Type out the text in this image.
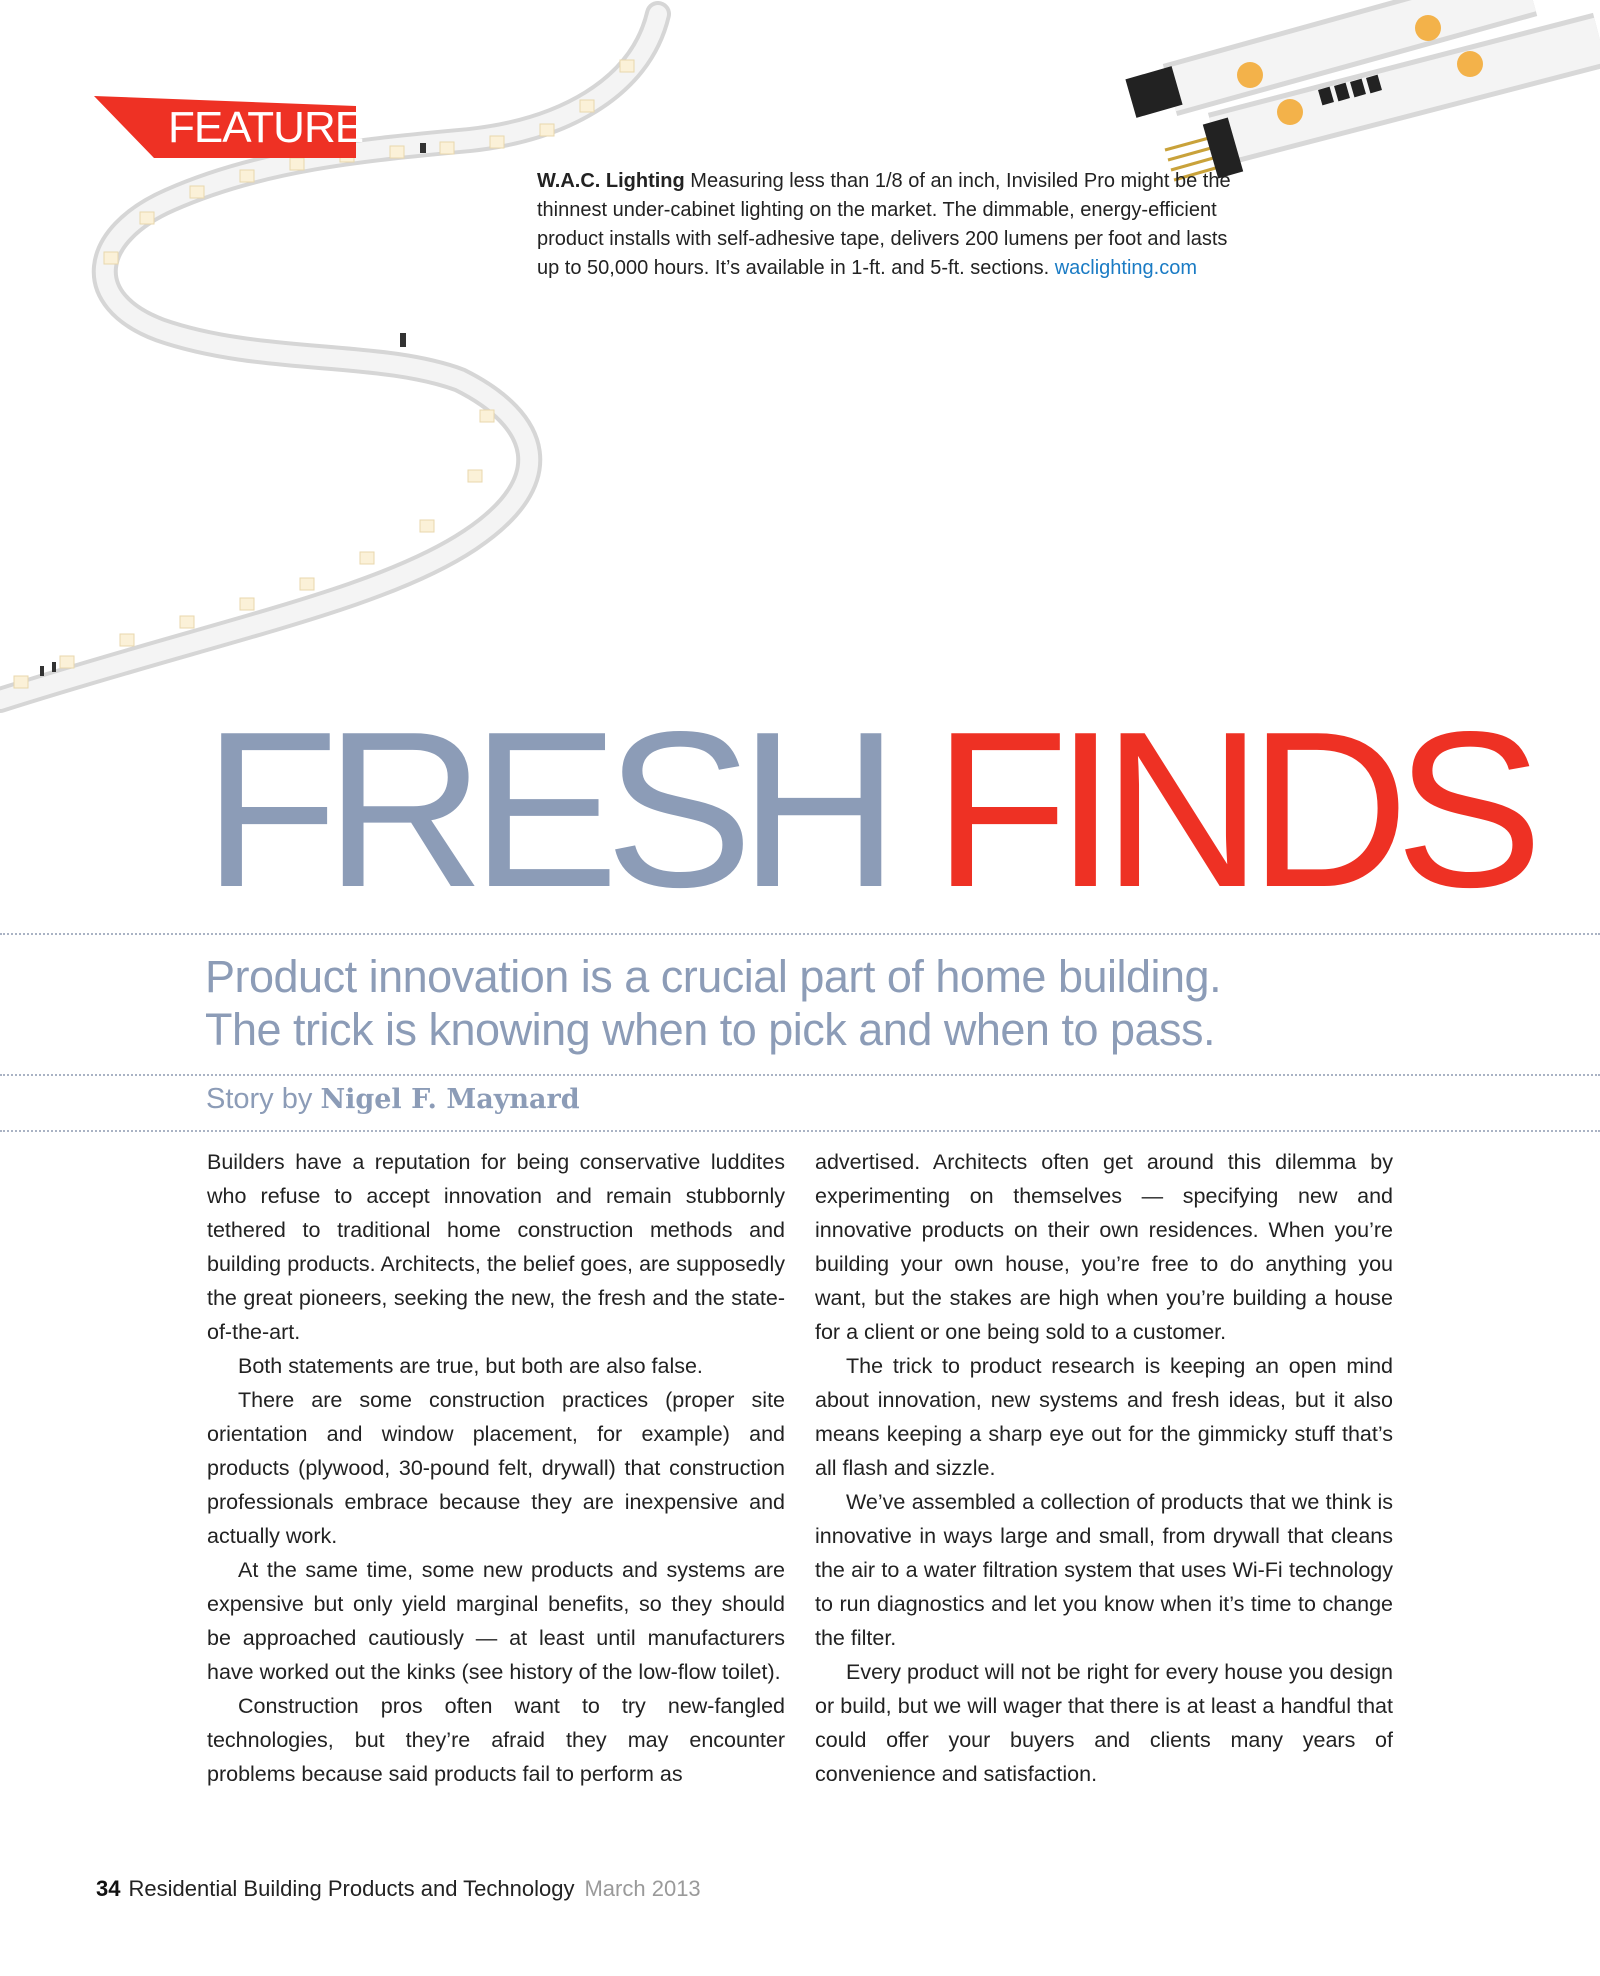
FEATURE
W.A.C. Lighting Measuring less than 1/8 of an inch, Invisiled Pro might be the thinnest under-cabinet lighting on the market. The dimmable, energy-efficient product installs with self-adhesive tape, delivers 200 lumens per foot and lasts up to 50,000 hours. It’s available in 1-ft. and 5-ft. sections. waclighting.com
FRESH FINDS
Product innovation is a crucial part of home building.
The trick is knowing when to pick and when to pass.
Story by Nigel F. Maynard

Builders have a reputation for being conservative luddites who refuse to accept innovation and remain stubbornly tethered to traditional home construction methods and building products. Architects, the belief goes, are supposedly the great pioneers, seeking the new, the fresh and the state-of-the-art.

Both statements are true, but both are also false.

There are some construction practices (proper site orientation and window placement, for example) and products (plywood, 30-pound felt, drywall) that construction professionals embrace because they are inexpensive and actually work.

At the same time, some new products and systems are expensive but only yield marginal benefits, so they should be approached cautiously — at least until manufacturers have worked out the kinks (see history of the low-flow toilet).

Construction pros often want to try new-fangled technologies, but they’re afraid they may encounter problems because said products fail to perform as

advertised. Architects often get around this dilemma by experimenting on themselves — specifying new and innovative products on their own residences. When you’re building your own house, you’re free to do anything you want, but the stakes are high when you’re building a house for a client or one being sold to a customer.

The trick to product research is keeping an open mind about innovation, new systems and fresh ideas, but it also means keeping a sharp eye out for the gimmicky stuff that’s all flash and sizzle.

We’ve assembled a collection of products that we think is innovative in ways large and small, from drywall that cleans the air to a water filtration system that uses Wi-Fi technology to run diagnostics and let you know when it’s time to change the filter.

Every product will not be right for every house you design or build, but we will wager that there is at least a handful that could offer your buyers and clients many years of convenience and satisfaction.

34 Residential Building Products and Technology March 2013
